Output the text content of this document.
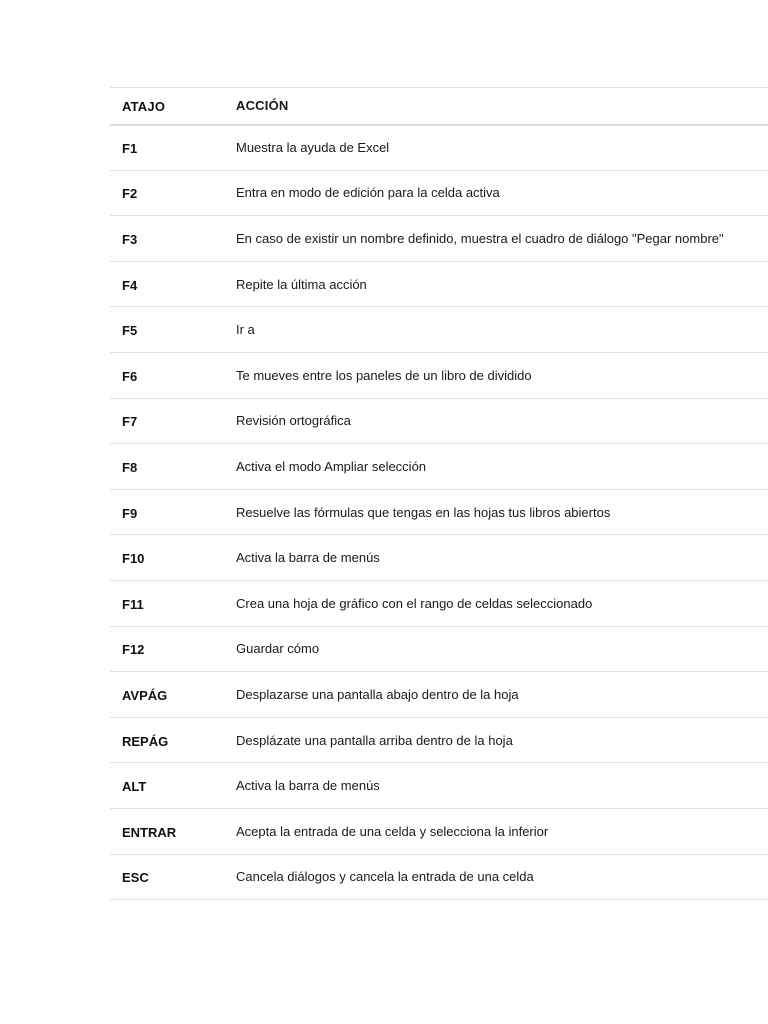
ATAJO	ACCIÓN
F1	Muestra la ayuda de Excel
F2	Entra en modo de edición para la celda activa
F3	En caso de existir un nombre definido, muestra el cuadro de diálogo "Pegar nombre"
F4	Repite la última acción
F5	Ir a
F6	Te mueves entre los paneles de un libro de dividido
F7	Revisión ortográfica
F8	Activa el modo Ampliar selección
F9	Resuelve las fórmulas que tengas en las hojas tus libros abiertos
F10	Activa la barra de menús
F11	Crea una hoja de gráfico con el rango de celdas seleccionado
F12	Guardar cómo
AVPÁG	Desplazarse una pantalla abajo dentro de la hoja
REPÁG	Desplázate una pantalla arriba dentro de la hoja
ALT	Activa la barra de menús
ENTRAR	Acepta la entrada de una celda y selecciona la inferior
ESC	Cancela diálogos y cancela la entrada de una celda
